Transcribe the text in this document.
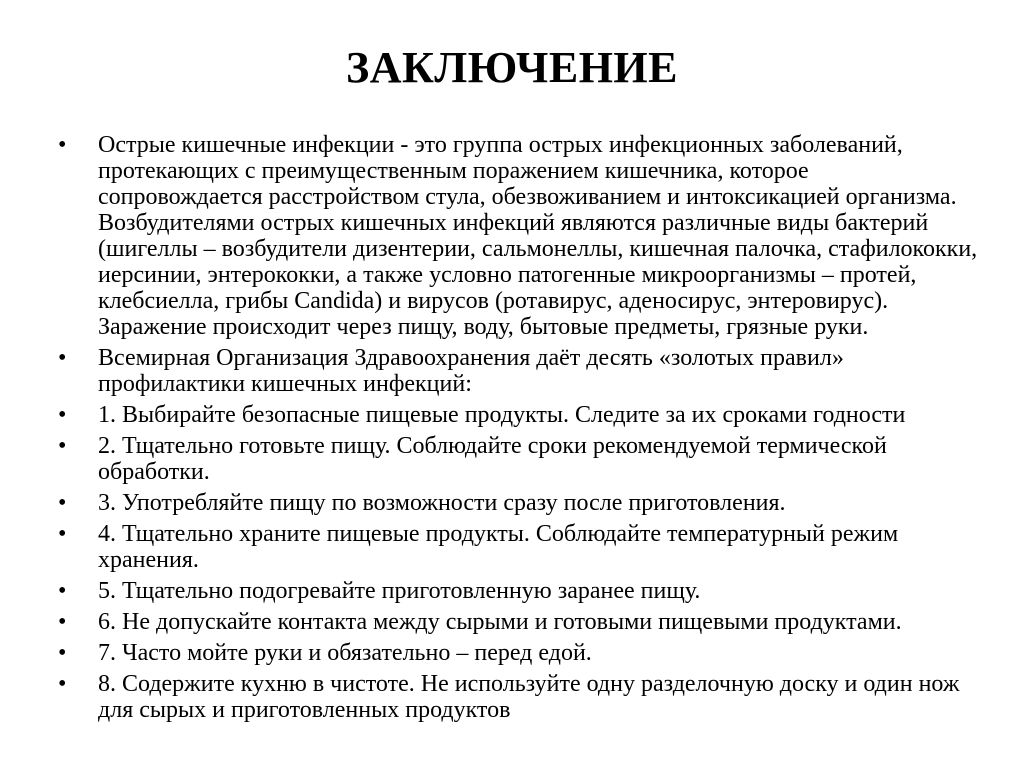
ЗАКЛЮЧЕНИЕ
•	Острые кишечные инфекции - это группа острых инфекционных заболеваний, протекающих с преимущественным поражением кишечника, которое сопровождается расстройством стула, обезвоживанием и интоксикацией организма. Возбудителями острых кишечных инфекций являются различные виды бактерий (шигеллы – возбудители дизентерии, сальмонеллы, кишечная палочка, стафилококки, иерсинии, энтерококки, а также условно патогенные микроорганизмы – протей, клебсиелла, грибы Candida) и вирусов (ротавирус, аденосирус, энтеровирус). Заражение происходит через пищу, воду, бытовые предметы, грязные руки.
•	Всемирная Организация Здравоохранения даёт десять «золотых правил» профилактики кишечных инфекций:
•	1. Выбирайте безопасные пищевые продукты. Следите за их сроками годности
•	2. Тщательно готовьте пищу. Соблюдайте сроки рекомендуемой термической обработки.
•	3. Употребляйте пищу по возможности сразу после приготовления.
•	4. Тщательно храните пищевые продукты. Соблюдайте температурный режим хранения.
•	5. Тщательно подогревайте приготовленную заранее пищу.
•	6. Не допускайте контакта между сырыми и готовыми пищевыми продуктами.
•	7. Часто мойте руки и обязательно – перед едой.
•	8. Содержите кухню в чистоте. Не используйте одну разделочную доску и один нож для сырых и приготовленных продуктов
